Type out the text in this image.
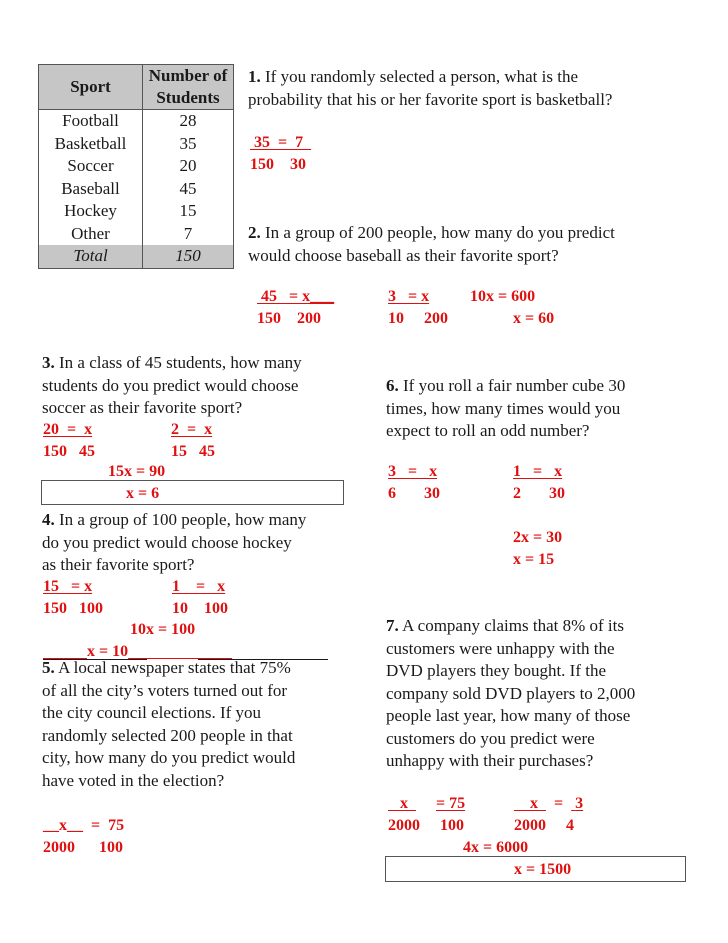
Sport	Number of Students
Football	28
Basketball	35
Soccer	20
Baseball	45
Hockey	15
Other	7
Total	150
1. If you randomly selected a person, what is the
probability that his or her favorite sport is basketball?
35  =  7
150    30
2. In a group of 200 people, how many do you predict
would choose baseball as their favorite sport?
45   = x___
150    200
3   = x
10     200
10x = 600
x = 60
3. In a class of 45 students, how many
students do you predict would choose
soccer as their favorite sport?
20  =  x
150   45
2  =  x
15   45
15x = 90
x = 6
4. In a group of 100 people, how many
do you predict would choose hockey
as their favorite sport?
15   = x
150   100
1    =   x
10    100
10x = 100
x = 10
5. A local newspaper states that 75%
of all the city’s voters turned out for
the city council elections. If you
randomly selected 200 people in that
city, how many do you predict would
have voted in the election?
__x__  =  75
2000      100
6. If you roll a fair number cube 30
times, how many times would you
expect to roll an odd number?
3   =   x
6       30
1   =   x
2       30
2x = 30
x = 15
7. A company claims that 8% of its
customers were unhappy with the
DVD players they bought. If the
company sold DVD players to 2,000
people last year, how many of those
customers do you predict were
unhappy with their purchases?
x = 75
2000     100
x    =   3
2000     4
4x = 6000
x = 1500
